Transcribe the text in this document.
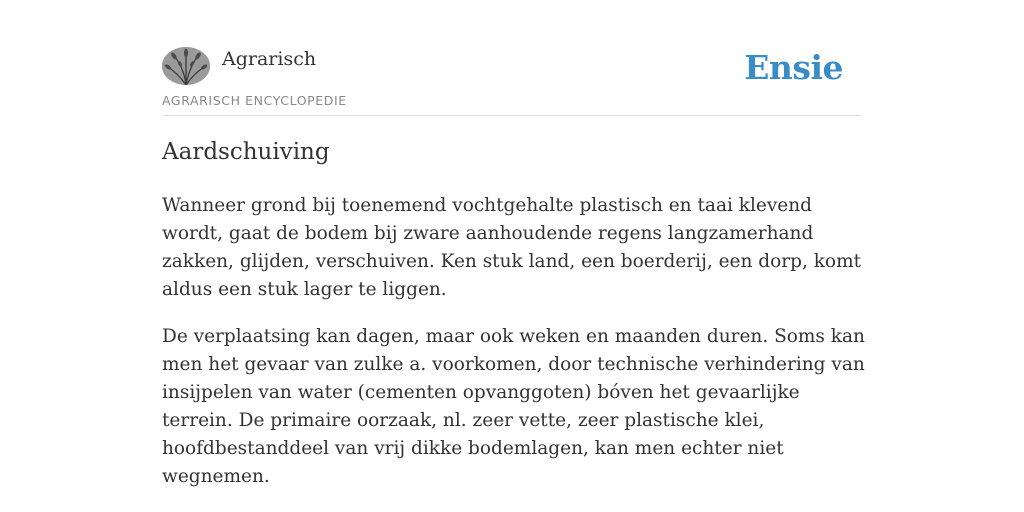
Agrarisch
AGRARISCH ENCYCLOPEDIE
Ensie
Aardschuiving

Wanneer grond bij toenemend vochtgehalte plastisch en taai klevend wordt, gaat de bodem bij zware aanhoudende regens langzamerhand zakken, glijden, verschuiven. Ken stuk land, een boerderij, een dorp, komt aldus een stuk lager te liggen.

De verplaatsing kan dagen, maar ook weken en maanden duren. Soms kan men het gevaar van zulke a. voorkomen, door technische verhindering van insijpelen van water (cementen opvanggoten) bóven het gevaarlijke terrein. De primaire oorzaak, nl. zeer vette, zeer plastische klei, hoofdbestanddeel van vrij dikke bodemlagen, kan men echter niet wegnemen.
